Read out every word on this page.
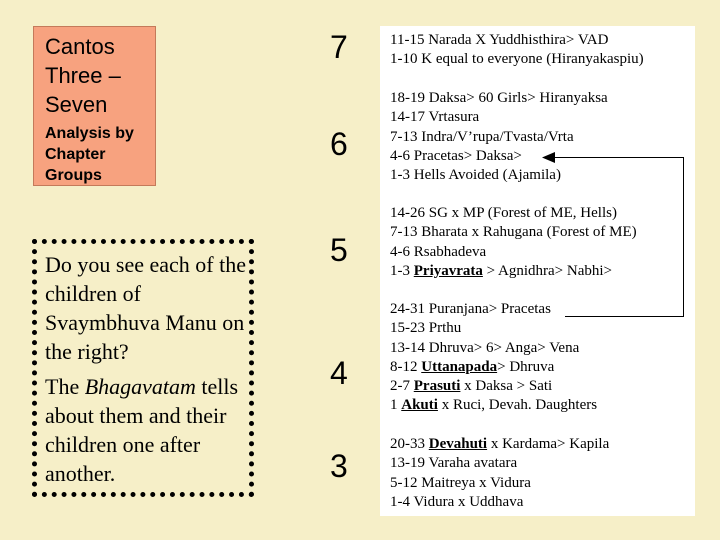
Cantos
Three –
Seven
Analysis by
Chapter
Groups

Do you see each of the children of Svaymbhuva Manu on the right?

The Bhagavatam tells about them and their children one after another.

7
6
5
4
3
11-15 Narada X Yuddhisthira> VAD
1-10 K equal to everyone (Hiranyakaspiu)
18-19 Daksa> 60 Girls> Hiranyaksa
14-17 Vrtasura
7-13 Indra/V’rupa/Tvasta/Vrta
4-6 Pracetas> Daksa>
1-3 Hells Avoided (Ajamila)
14-26 SG x MP (Forest of ME, Hells)
7-13 Bharata x Rahugana (Forest of ME)
4-6 Rsabhadeva
1-3 Priyavrata > Agnidhra> Nabhi>
24-31 Puranjana> Pracetas
15-23 Prthu
13-14 Dhruva> 6> Anga> Vena
8-12 Uttanapada> Dhruva
2-7 Prasuti x Daksa > Sati
1 Akuti x Ruci, Devah. Daughters
20-33 Devahuti x Kardama> Kapila
13-19 Varaha avatara
5-12 Maitreya x Vidura
1-4 Vidura x Uddhava
